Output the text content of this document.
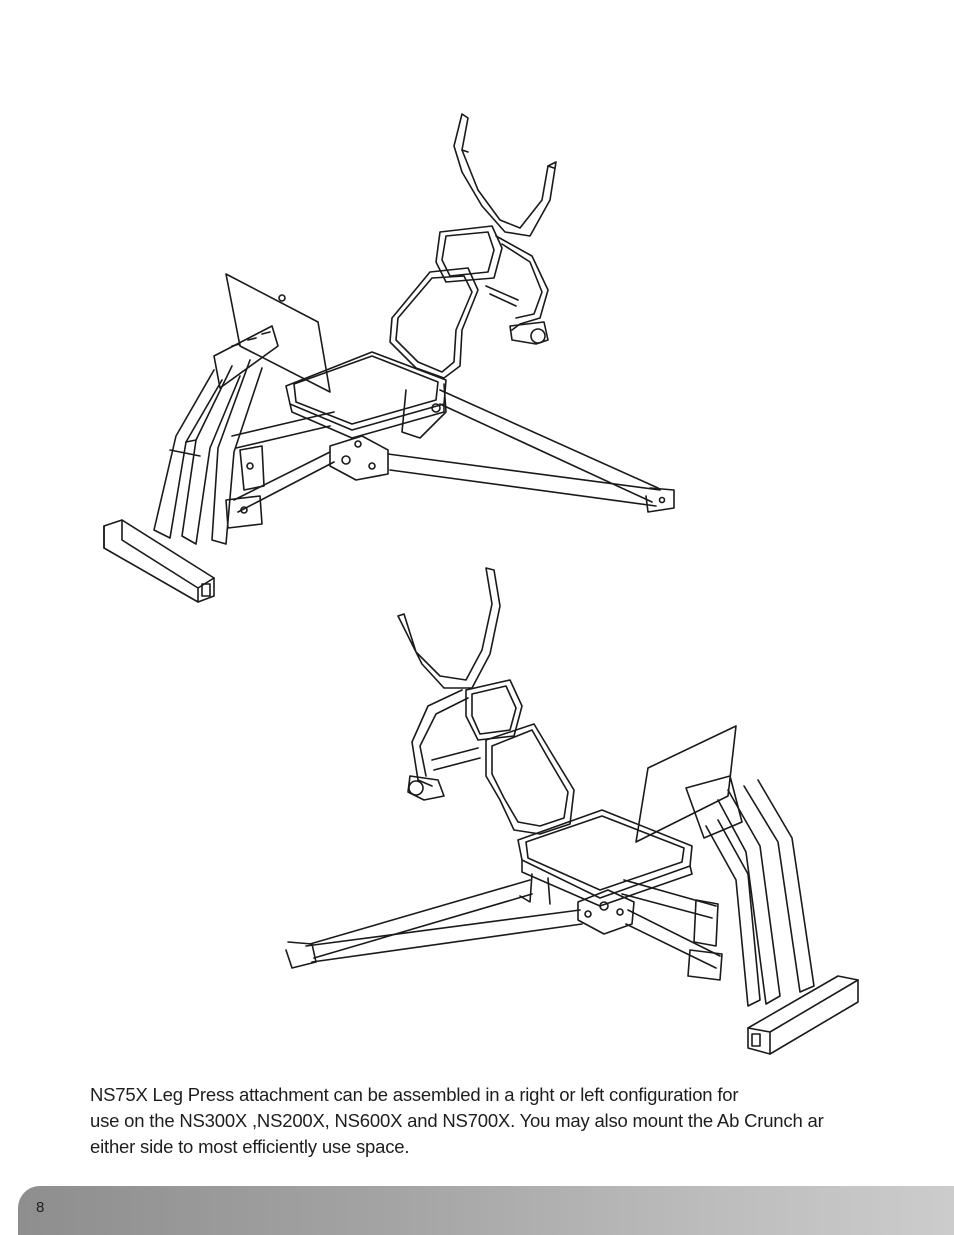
NS75X Leg Press attachment can be assembled in a right or left configuration for
use on the NS300X ,NS200X, NS600X and NS700X. You may also mount the Ab Crunch ar
either side to most efficiently use space.
8
